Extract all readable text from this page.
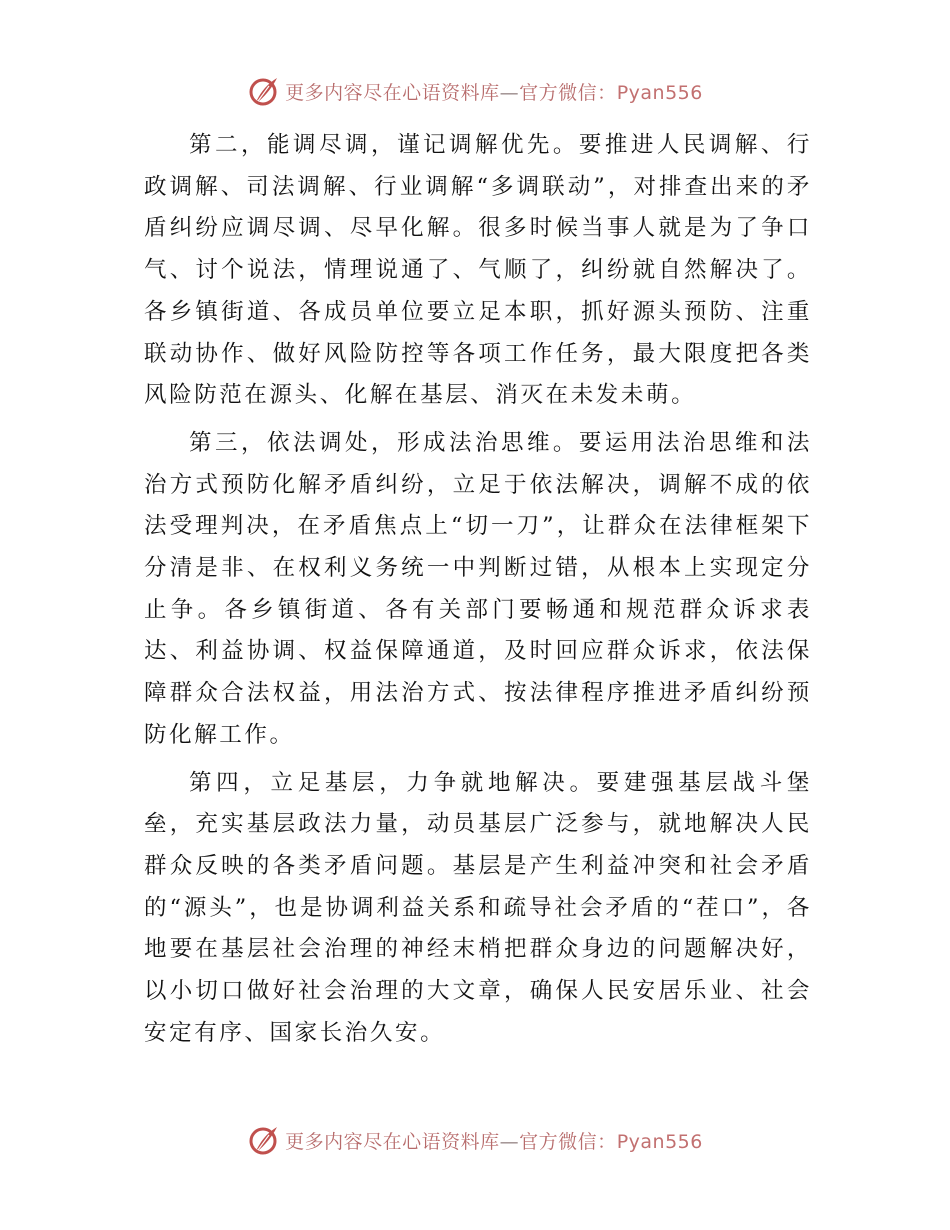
更多内容尽在心语资料库—官方微信：Pyan556

第二，能调尽调，谨记调解优先。要推进人民调解、行政调解、司法调解、行业调解“多调联动”，对排查出来的矛盾纠纷应调尽调、尽早化解。很多时候当事人就是为了争口气、讨个说法，情理说通了、气顺了，纠纷就自然解决了。各乡镇街道、各成员单位要立足本职，抓好源头预防、注重联动协作、做好风险防控等各项工作任务，最大限度把各类风险防范在源头、化解在基层、消灭在未发未萌。

第三，依法调处，形成法治思维。要运用法治思维和法治方式预防化解矛盾纠纷，立足于依法解决，调解不成的依法受理判决，在矛盾焦点上“切一刀”，让群众在法律框架下分清是非、在权利义务统一中判断过错，从根本上实现定分止争。各乡镇街道、各有关部门要畅通和规范群众诉求表达、利益协调、权益保障通道，及时回应群众诉求，依法保障群众合法权益，用法治方式、按法律程序推进矛盾纠纷预防化解工作。

第四，立足基层，力争就地解决。要建强基层战斗堡垒，充实基层政法力量，动员基层广泛参与，就地解决人民群众反映的各类矛盾问题。基层是产生利益冲突和社会矛盾的“源头”，也是协调利益关系和疏导社会矛盾的“茬口”，各地要在基层社会治理的神经末梢把群众身边的问题解决好，以小切口做好社会治理的大文章，确保人民安居乐业、社会安定有序、国家长治久安。

更多内容尽在心语资料库—官方微信：Pyan556
